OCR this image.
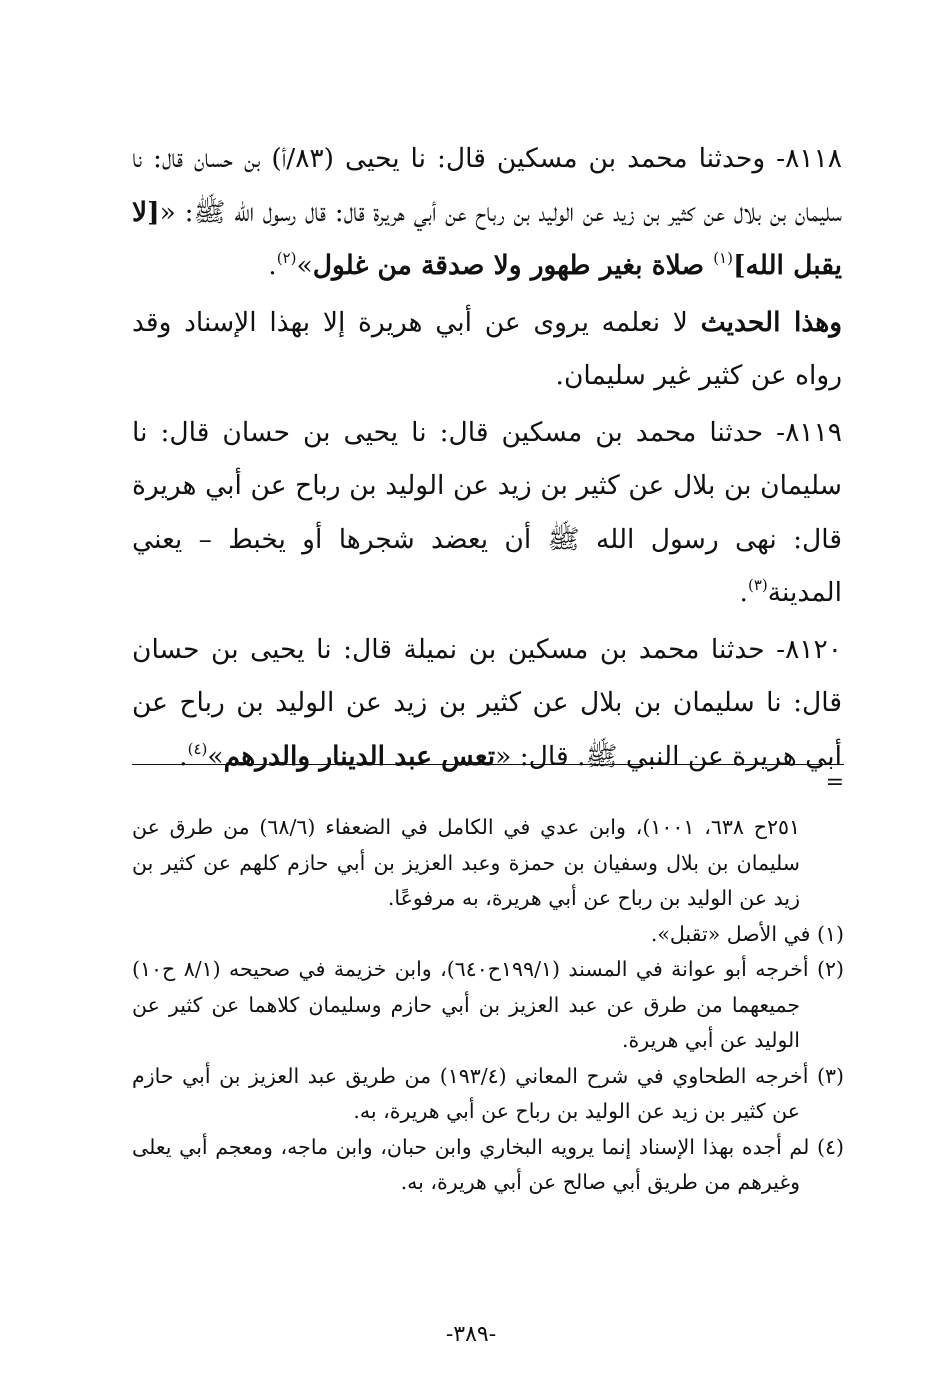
٨١١٨- وحدثنا محمد بن مسكين قال: نا يحيى (٨٣/أ) بن حسان قال: نا سليمان بن بلال عن كثير بن زيد عن الوليد بن رباح عن أبي هريرة قال: قال رسول الله ﷺ: «[لا يقبل الله]$^{(١)}$ صلاة بغير طهور ولا صدقة من غلول»$^{(٢)}$.

وهذا الحديث لا نعلمه يروى عن أبي هريرة إلا بهذا الإسناد وقد رواه عن كثير غير سليمان.

٨١١٩- حدثنا محمد بن مسكين قال: نا يحيى بن حسان قال: نا سليمان بن بلال عن كثير بن زيد عن الوليد بن رباح عن أبي هريرة قال: نهى رسول الله ﷺ أن يعضد شجرها أو يخبط – يعني المدينة$^{(٣)}$.

٨١٢٠- حدثنا محمد بن مسكين بن نميلة قال: نا يحيى بن حسان قال: نا سليمان بن بلال عن كثير بن زيد عن الوليد بن رباح عن أبي هريرة عن النبي ﷺ. قال: «تعس عبد الدينار والدرهم»$^{(٤)}$.

=

٢٥١ح ٦٣٨، ١٠٠١)، وابن عدي في الكامل في الضعفاء (٦٨/٦) من طرق عن سليمان بن بلال وسفيان بن حمزة وعبد العزيز بن أبي حازم كلهم عن كثير بن زيد عن الوليد بن رباح عن أبي هريرة، به مرفوعًا.

(١) في الأصل «تقبل».

(٢) أخرجه أبو عوانة في المسند (١٩٩/١ح٦٤٠)، وابن خزيمة في صحيحه (٨/١ ح١٠) جميعهما من طرق عن عبد العزيز بن أبي حازم وسليمان كلاهما عن كثير عن الوليد عن أبي هريرة.

(٣) أخرجه الطحاوي في شرح المعاني (١٩٣/٤) من طريق عبد العزيز بن أبي حازم عن كثير بن زيد عن الوليد بن رباح عن أبي هريرة، به.

(٤) لم أجده بهذا الإسناد إنما يرويه البخاري وابن حبان، وابن ماجه، ومعجم أبي يعلى وغيرهم من طريق أبي صالح عن أبي هريرة، به.

-٣٨٩-
